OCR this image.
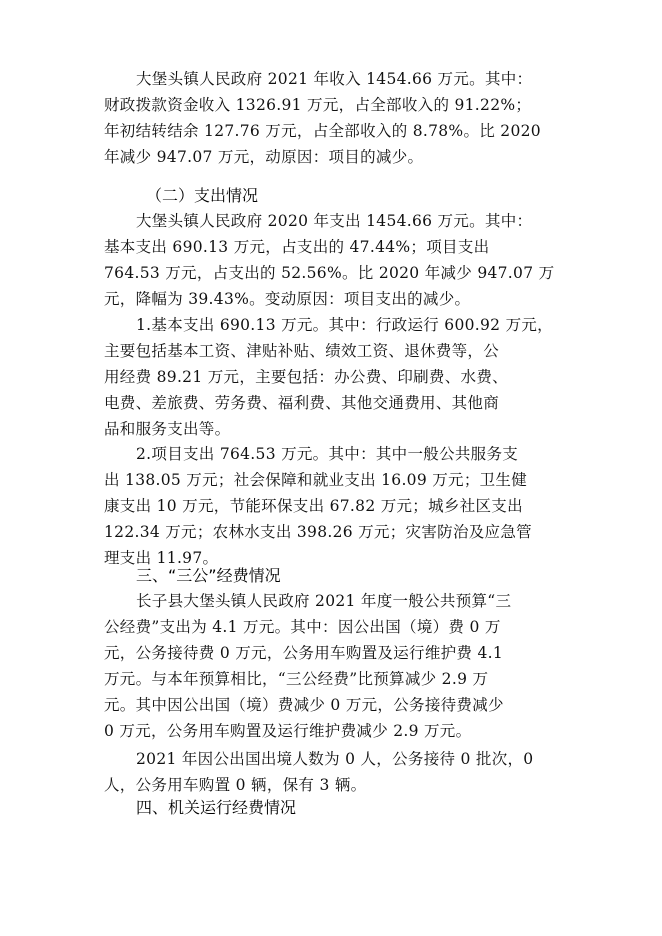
大堡头镇人民政府 2021 年收入 1454.66 万元。其中：
财政拨款资金收入 1326.91 万元，占全部收入的 91.22%；
年初结转结余 127.76 万元，占全部收入的 8.78%。比 2020
年减少 947.07 万元，动原因：项目的减少。

（二）支出情况

大堡头镇人民政府 2020 年支出 1454.66 万元。其中：
基本支出 690.13 万元，占支出的 47.44%；项目支出
764.53 万元，占支出的 52.56%。比 2020 年减少 947.07 万
元，降幅为 39.43%。变动原因：项目支出的减少。

1.基本支出 690.13 万元。其中：行政运行 600.92 万元，
主要包括基本工资、津贴补贴、绩效工资、退休费等，公
用经费 89.21 万元，主要包括：办公费、印刷费、水费、
电费、差旅费、劳务费、福利费、其他交通费用、其他商
品和服务支出等。

2.项目支出 764.53 万元。其中：其中一般公共服务支
出 138.05 万元；社会保障和就业支出 16.09 万元；卫生健
康支出 10 万元，节能环保支出 67.82 万元；城乡社区支出
122.34 万元；农林水支出 398.26 万元；灾害防治及应急管
理支出 11.97。

三、“三公”经费情况

长子县大堡头镇人民政府 2021 年度一般公共预算“三
公经费”支出为 4.1 万元。其中：因公出国（境）费 0 万
元，公务接待费 0 万元，公务用车购置及运行维护费 4.1
万元。与本年预算相比，“三公经费”比预算减少 2.9 万
元。其中因公出国（境）费减少 0 万元，公务接待费减少
0 万元，公务用车购置及运行维护费减少 2.9 万元。

2021 年因公出国出境人数为 0 人，公务接待 0 批次，0
人，公务用车购置 0 辆，保有 3 辆。

四、机关运行经费情况
